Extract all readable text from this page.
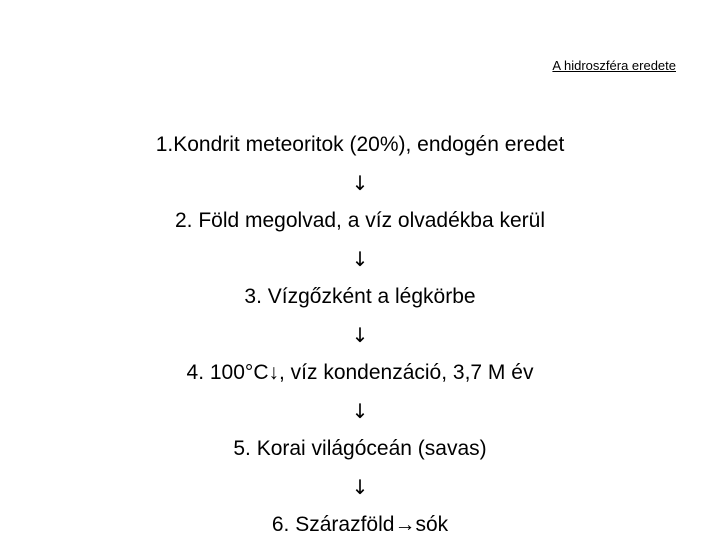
A hidroszféra eredete
1.Kondrit meteoritok (20%), endogén eredet
↓
2. Föld megolvad, a víz olvadékba kerül
↓
3. Vízgőzként a légkörbe
↓
4. 100°C↓, víz kondenzáció, 3,7 M év
↓
5. Korai világóceán (savas)
↓
6. Szárazföld→sók
